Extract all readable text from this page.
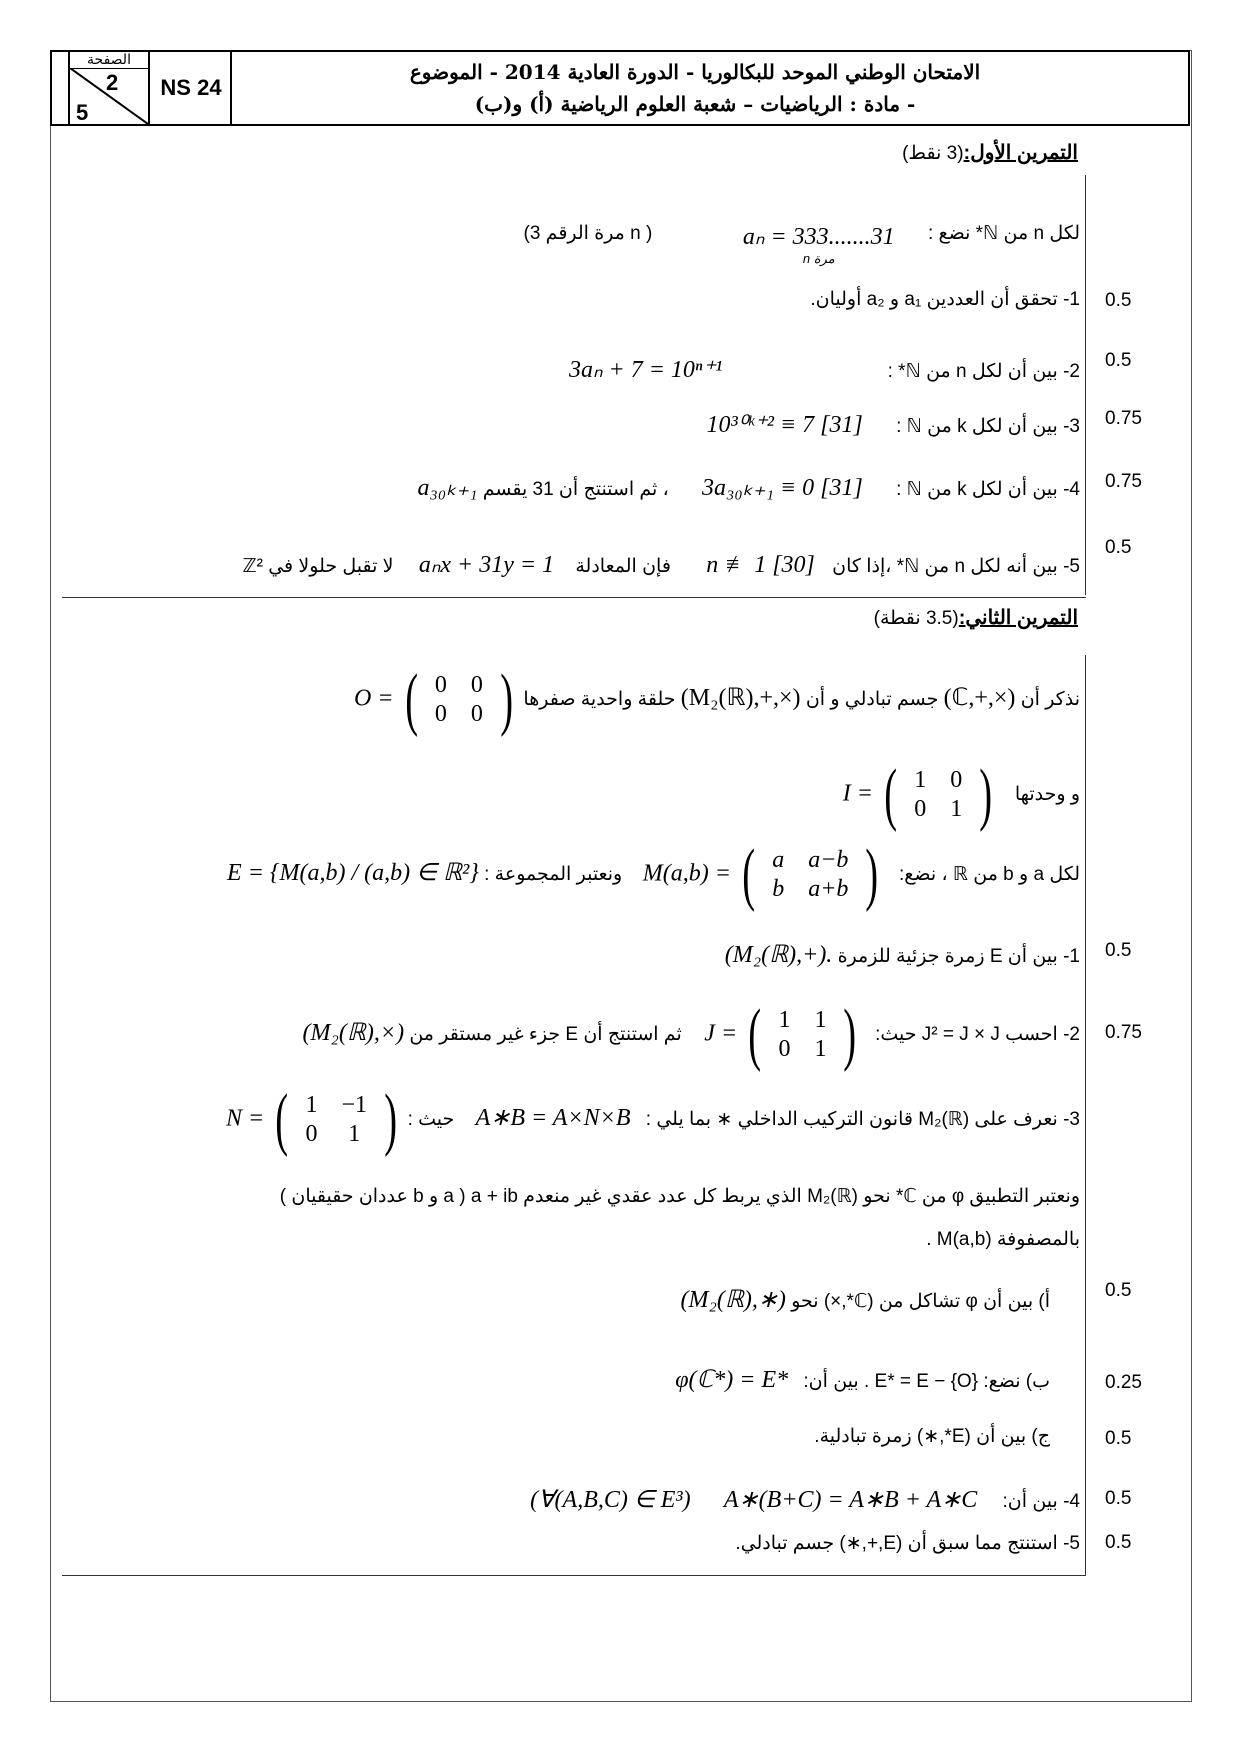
الصفحة
2
5
NS 24
الامتحان الوطني الموحد للبكالوريا - الدورة العادية 2014 - الموضوع
- مادة : الرياضيات – شعبة العلوم الرياضية (أ) و(ب)
التمرين الأول:(3 نقط)
لكل n من ℕ* نضع : aₙ = 333.......31
$^{n مرة}$  ( n مرة الرقم 3)
1- تحقق أن العددين a₁ و a₂ أوليان. 0.5
2- بين أن لكل n من ℕ* : 3aₙ + 7 = 10ⁿ⁺¹	0.5
3- بين أن لكل k من ℕ : 10³⁰ᵏ⁺² ≡ 7 [31]	0.75
4- بين أن لكل k من ℕ : 3a₃₀ₖ₊₁ ≡ 0 [31] ، ثم استنتج أن 31 يقسم a₃₀ₖ₊₁	0.75
5- بين أنه لكل n من ℕ* ،إذا كان n ≢ 1 [30] فإن المعادلة aₙx + 31y = 1 لا تقبل حلولا في ℤ²
0.5
التمرين الثاني:(3.5 نقطة)
نذكر أن (ℂ,+,×) جسم تبادلي و أن (M₂(ℝ),+,×) حلقة واحدية صفرها O = ( 0	0
0	0 )
و وحدتها I = ( 1	0
0	1 )
لكل a و b من ℝ ، نضع: M(a,b) = ( a	a−b
b	a+b )  ونعتبر المجموعة : E = {M(a,b) / (a,b) ∈ ℝ²}
1- بين أن E زمرة جزئية للزمرة (M₂(ℝ),+).	0.5
2- احسب J² = J × J حيث: J = ( 1	1
0	1 )  ثم استنتج أن E جزء غير مستقر من (M₂(ℝ),×)	0.75
3- نعرف على M₂(ℝ) قانون التركيب الداخلي ∗ بما يلي : A∗B = A×N×B حيث : N = ( 1	−1
0	1 )
ونعتبر التطبيق φ من ℂ* نحو M₂(ℝ) الذي يربط كل عدد عقدي غير منعدم a + ib ( a و b عددان حقيقيان )
بالمصفوفة M(a,b) .
أ) بين أن φ تشاكل من (ℂ*,×) نحو (M₂(ℝ),∗)	0.5
ب) نضع: E* = E − {O} . بين أن: φ(ℂ*) = E*	0.25
ج) بين أن (E*,∗) زمرة تبادلية.	0.5
4- بين أن: A∗(B+C) = A∗B + A∗C (∀(A,B,C) ∈ E³)	0.5
5- استنتج مما سبق أن (E,+,∗) جسم تبادلي. 0.5
